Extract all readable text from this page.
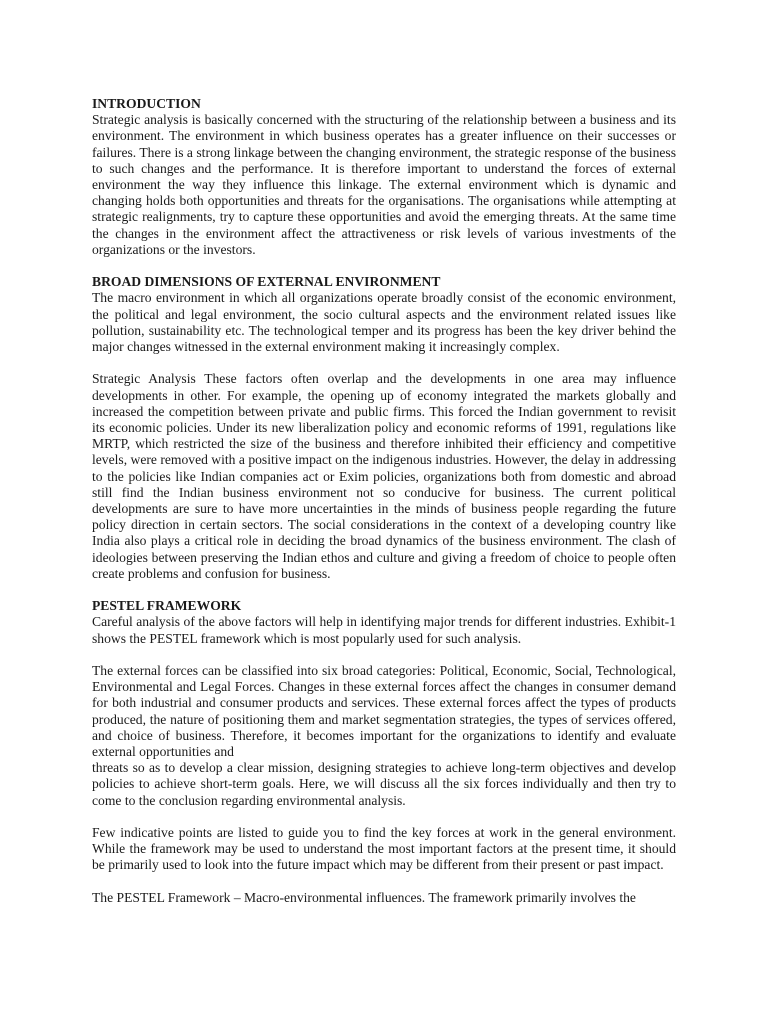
INTRODUCTION

Strategic analysis is basically concerned with the structuring of the relationship between a business and its environment. The environment in which business operates has a greater influence on their successes or failures. There is a strong linkage between the changing environment, the strategic response of the business to such changes and the performance. It is therefore important to understand the forces of external environment the way they influence this linkage. The external environment which is dynamic and changing holds both opportunities and threats for the organisations. The organisations while attempting at strategic realignments, try to capture these opportunities and avoid the emerging threats. At the same time the changes in the environment affect the attractiveness or risk levels of various investments of the organizations or the investors.

BROAD DIMENSIONS OF EXTERNAL ENVIRONMENT

The macro environment in which all organizations operate broadly consist of the economic environment, the political and legal environment, the socio cultural aspects and the environment related issues like pollution, sustainability etc. The technological temper and its progress has been the key driver behind the major changes witnessed in the external environment making it increasingly complex.

Strategic Analysis These factors often overlap and the developments in one area may influence developments in other. For example, the opening up of economy integrated the markets globally and increased the competition between private and public firms. This forced the Indian government to revisit its economic policies. Under its new liberalization policy and economic reforms of 1991, regulations like MRTP, which restricted the size of the business and therefore inhibited their efficiency and competitive levels, were removed with a positive impact on the indigenous industries. However, the delay in addressing to the policies like Indian companies act or Exim policies, organizations both from domestic and abroad still find the Indian business environment not so conducive for business. The current political developments are sure to have more uncertainties in the minds of business people regarding the future policy direction in certain sectors. The social considerations in the context of a developing country like India also plays a critical role in deciding the broad dynamics of the business environment. The clash of ideologies between preserving the Indian ethos and culture and giving a freedom of choice to people often create problems and confusion for business.

PESTEL FRAMEWORK

Careful analysis of the above factors will help in identifying major trends for different industries. Exhibit-1 shows the PESTEL framework which is most popularly used for such analysis.

The external forces can be classified into six broad categories: Political, Economic, Social, Technological, Environmental and Legal Forces. Changes in these external forces affect the changes in consumer demand for both industrial and consumer products and services. These external forces affect the types of products produced, the nature of positioning them and market segmentation strategies, the types of services offered, and choice of business. Therefore, it becomes important for the organizations to identify and evaluate external opportunities and

threats so as to develop a clear mission, designing strategies to achieve long-term objectives and develop policies to achieve short-term goals. Here, we will discuss all the six forces individually and then try to come to the conclusion regarding environmental analysis.

Few indicative points are listed to guide you to find the key forces at work in the general environment. While the framework may be used to understand the most important factors at the present time, it should be primarily used to look into the future impact which may be different from their present or past impact.

The PESTEL Framework – Macro-environmental influences. The framework primarily involves the
